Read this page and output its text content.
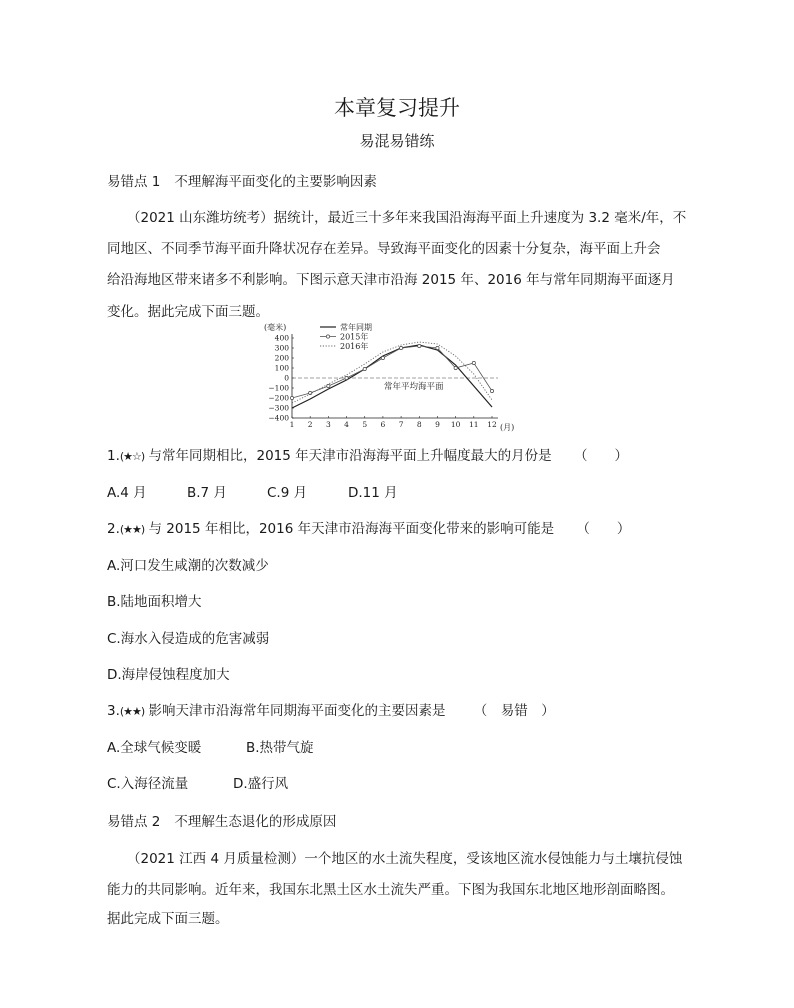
本章复习提升
易混易错练
易错点 1 不理解海平面变化的主要影响因素
（2021 山东潍坊统考）据统计，最近三十多年来我国沿海海平面上升速度为 3.2 毫米/年，不
同地区、不同季节海平面升降状况存在差异。导致海平面变化的因素十分复杂，海平面上升会
给沿海地区带来诸多不利影响。下图示意天津市沿海 2015 年、2016 年与常年同期海平面逐月
变化。据此完成下面三题。
(毫米)
(月)
400
300
200
100
0
−100
−200
−300
−400
1 2 3 4 5 6 7 8 9 10 11 12
常年同期
2015年
2016年
常年平均海平面
1.(★☆) 与常年同期相比，2015 年天津市沿海海平面上升幅度最大的月份是 （　　）
A.4 月	B.7 月	C.9 月	D.11 月
2.(★★) 与 2015 年相比，2016 年天津市沿海海平面变化带来的影响可能是 （　　）
A.河口发生咸潮的次数减少
B.陆地面积增大
C.海水入侵造成的危害减弱
D.海岸侵蚀程度加大
3.(★★) 影响天津市沿海常年同期海平面变化的主要因素是 （　易错　）
A.全球气候变暖	B.热带气旋
C.入海径流量	D.盛行风
易错点 2 不理解生态退化的形成原因
（2021 江西 4 月质量检测）一个地区的水土流失程度，受该地区流水侵蚀能力与土壤抗侵蚀
能力的共同影响。近年来，我国东北黑土区水土流失严重。下图为我国东北地区地形剖面略图。
据此完成下面三题。
